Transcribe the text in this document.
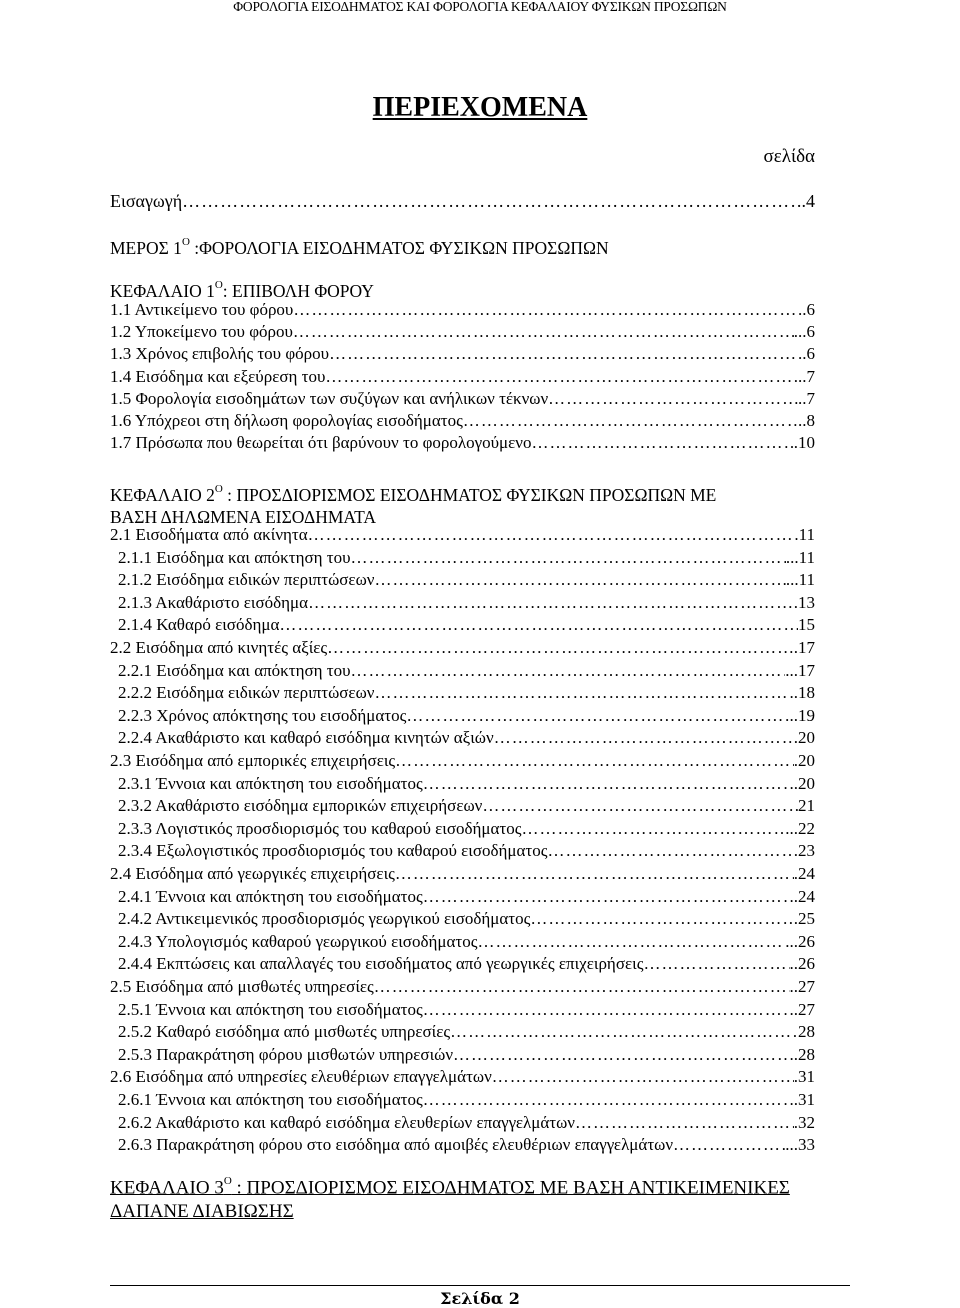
ΦΟΡΟΛΟΓΙΑ ΕΙΣΟΔΗΜΑΤΟΣ ΚΑΙ ΦΟΡΟΛΟΓΙΑ ΚΕΦΑΛΑΙΟΥ ΦΥΣΙΚΩΝ ΠΡΟΣΩΠΩΝ
ΠΕΡΙΕΧΟΜΕΝΑ
σελίδα
Εισαγωγή …………………………………………………………………………………………………………………………………………	.4
ΜΕΡΟΣ $1^O$ :ΦΟΡΟΛΟΓΙΑ ΕΙΣΟΔΗΜΑΤΟΣ ΦΥΣΙΚΩΝ ΠΡΟΣΩΠΩΝ
ΚΕΦΑΛΑΙΟ $1^O$: ΕΠΙΒΟΛΗ ΦΟΡΟΥ
1.1 Αντικείμενο του φόρου …………………………………………………………………………………………………………………………………………	..6
1.2 Υποκείμενο του φόρου …………………………………………………………………………………………………………………………………………	...6
1.3 Χρόνος επιβολής του φόρου …………………………………………………………………………………………………………………………………………	..6
1.4 Εισόδημα και εξεύρεση του …………………………………………………………………………………………………………………………………………	...7
1.5 Φορολογία εισοδημάτων των συζύγων και ανήλικων τέκνων …………………………………………………………………………………………………………………………………………	..7
1.6 Υπόχρεοι στη δήλωση φορολογίας εισοδήματος …………………………………………………………………………………………………………………………………………	..8
1.7 Πρόσωπα που θεωρείται ότι βαρύνουν το φορολογούμενο …………………………………………………………………………………………………………………………………………	.10
ΚΕΦΑΛΑΙΟ $2^O$ : ΠΡΟΣΔΙΟΡΙΣΜΟΣ ΕΙΣΟΔΗΜΑΤΟΣ ΦΥΣΙΚΩΝ ΠΡΟΣΩΠΩΝ ΜΕ
ΒΑΣΗ ΔΗΛΩΜΕΝΑ ΕΙΣΟΔΗΜΑΤΑ
2.1 Εισοδήματα από ακίνητα …………………………………………………………………………………………………………………………………………	.11
2.1.1 Εισόδημα και απόκτηση του …………………………………………………………………………………………………………………………………………	...11
2.1.2 Εισόδημα ειδικών περιπτώσεων …………………………………………………………………………………………………………………………………………	...11
2.1.3 Ακαθάριστο εισόδημα …………………………………………………………………………………………………………………………………………	.13
2.1.4 Καθαρό εισόδημα …………………………………………………………………………………………………………………………………………	15
2.2 Εισόδημα από κινητές αξίες …………………………………………………………………………………………………………………………………………	.17
2.2.1 Εισόδημα και απόκτηση του …………………………………………………………………………………………………………………………………………	...17
2.2.2 Εισόδημα ειδικών περιπτώσεων …………………………………………………………………………………………………………………………………………	..18
2.2.3 Χρόνος απόκτησης του εισοδήματος …………………………………………………………………………………………………………………………………………	..19
2.2.4 Ακαθάριστο και καθαρό εισόδημα κινητών αξιών …………………………………………………………………………………………………………………………………………	.20
2.3 Εισόδημα από εμπορικές επιχειρήσεις …………………………………………………………………………………………………………………………………………	.20
2.3.1 Έννοια και απόκτηση του εισοδήματος …………………………………………………………………………………………………………………………………………	..20
2.3.2 Ακαθάριστο εισόδημα εμπορικών επιχειρήσεων …………………………………………………………………………………………………………………………………………	21
2.3.3 Λογιστικός προσδιορισμός του καθαρού εισοδήματος …………………………………………………………………………………………………………………………………………	...22
2.3.4 Εξωλογιστικός προσδιορισμός του καθαρού εισοδήματος …………………………………………………………………………………………………………………………………………	.23
2.4 Εισόδημα από γεωργικές επιχειρήσεις …………………………………………………………………………………………………………………………………………	.24
2.4.1 Έννοια και απόκτηση του εισοδήματος …………………………………………………………………………………………………………………………………………	..24
2.4.2 Αντικειμενικός προσδιορισμός γεωργικού εισοδήματος …………………………………………………………………………………………………………………………………………	.25
2.4.3 Υπολογισμός καθαρού γεωργικού εισοδήματος …………………………………………………………………………………………………………………………………………	...26
2.4.4 Εκπτώσεις και απαλλαγές του εισοδήματος από γεωργικές επιχειρήσεις …………………………………………………………………………………………………………………………………………	..26
2.5 Εισόδημα από μισθωτές υπηρεσίες …………………………………………………………………………………………………………………………………………	..27
2.5.1 Έννοια και απόκτηση του εισοδήματος …………………………………………………………………………………………………………………………………………	..27
2.5.2 Καθαρό εισόδημα από μισθωτές υπηρεσίες …………………………………………………………………………………………………………………………………………	28
2.5.3 Παρακράτηση φόρου μισθωτών υπηρεσιών …………………………………………………………………………………………………………………………………………	..28
2.6 Εισόδημα από υπηρεσίες ελευθέριων επαγγελμάτων …………………………………………………………………………………………………………………………………………	.31
2.6.1 Έννοια και απόκτηση του εισοδήματος …………………………………………………………………………………………………………………………………………	..31
2.6.2 Ακαθάριστο και καθαρό εισόδημα ελευθερίων επαγγελμάτων …………………………………………………………………………………………………………………………………………	.32
2.6.3 Παρακράτηση φόρου στο εισόδημα από αμοιβές ελευθέριων επαγγελμάτων …………………………………………………………………………………………………………………………………………	...33
ΚΕΦΑΛΑΙΟ $3^O$ : ΠΡΟΣΔΙΟΡΙΣΜΟΣ ΕΙΣΟΔΗΜΑΤΟΣ ΜΕ ΒΑΣΗ ΑΝΤΙΚΕΙΜΕΝΙΚΕΣ
ΔΑΠΑΝΕ ΔΙΑΒΙΩΣΗΣ
Σελίδα 2
